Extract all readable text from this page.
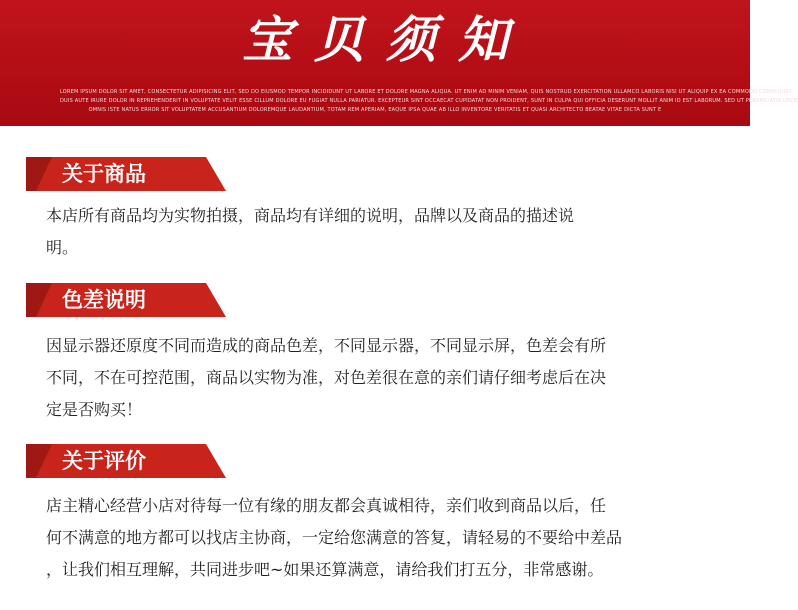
宝贝须知
LOREM IPSUM DOLOR SIT AMET, CONSECTETUR ADIPISICING ELIT, SED DO EIUSMOD TEMPOR INCIDIDUNT UT LABORE ET DOLORE MAGNA ALIQUA. UT ENIM AD MINIM VENIAM, QUIS NOSTRUD EXERCITATION ULLAMCO LABORIS NISI UT ALIQUIP EX EA COMMODO CONSEQUAT.
DUIS AUTE IRURE DOLOR IN REPREHENDERIT IN VOLUPTATE VELIT ESSE CILLUM DOLORE EU FUGIAT NULLA PARIATUR. EXCEPTEUR SINT OCCAECAT CUPIDATAT NON PROIDENT, SUNT IN CULPA QUI OFFICIA DESERUNT MOLLIT ANIM ID EST LABORUM. SED UT PERSPICIATIS UNDE
OMNIS ISTE NATUS ERROR SIT VOLUPTATEM ACCUSANTIUM DOLOREMQUE LAUDANTIUM, TOTAM REM APERIAM, EAQUE IPSA QUAE AB ILLO INVENTORE VERITATIS ET QUASI ARCHITECTO BEATAE VITAE DICTA SUNT E
关于商品
本店所有商品均为实物拍摄，商品均有详细的说明，品牌以及商品的描述说
明。
色差说明
因显示器还原度不同而造成的商品色差，不同显示器，不同显示屏，色差会有所
不同，不在可控范围，商品以实物为准，对色差很在意的亲们请仔细考虑后在决
定是否购买！
关于评价
店主精心经营小店对待每一位有缘的朋友都会真诚相待，亲们收到商品以后，任
何不满意的地方都可以找店主协商，一定给您满意的答复，请轻易的不要给中差品
，让我们相互理解，共同进步吧~如果还算满意，请给我们打五分，非常感谢。
